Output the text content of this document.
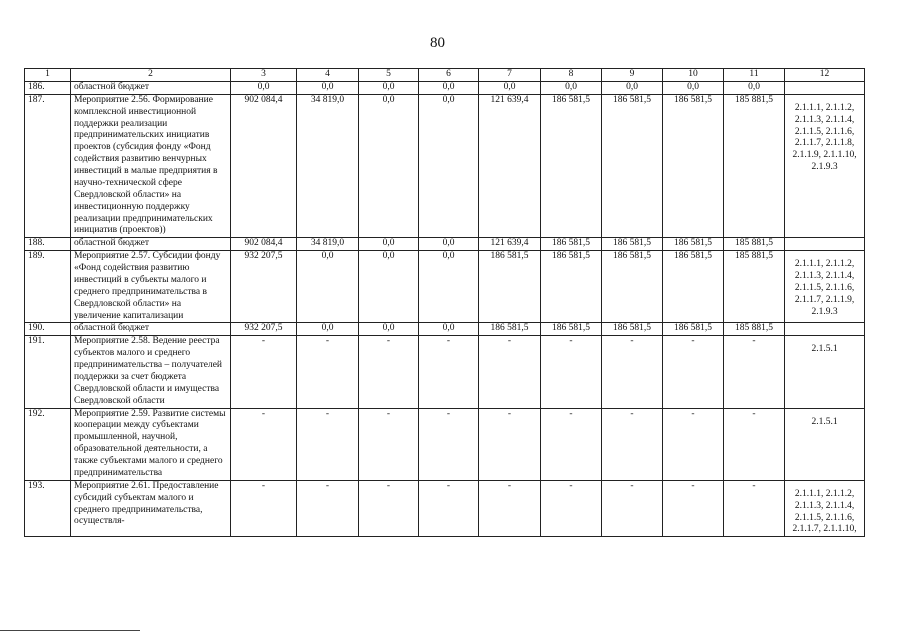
80
1	2	3	4	5	6	7	8	9	10	11	12
186.	областной бюджет	0,0	0,0	0,0	0,0	0,0	0,0	0,0	0,0	0,0	
187.	Мероприятие 2.56. Формирование комплексной инвестиционной поддержки реализации предпринимательских инициатив проектов (субсидия фонду «Фонд содействия развитию венчурных инвестиций в малые предприятия в научно-технической сфере Свердловской области» на инвестиционную поддержку реализации предпринимательских инициатив (проектов))	902 084,4	34 819,0	0,0	0,0	121 639,4	186 581,5	186 581,5	186 581,5	185 881,5	2.1.1.1, 2.1.1.2, 2.1.1.3, 2.1.1.4, 2.1.1.5, 2.1.1.6, 2.1.1.7, 2.1.1.8, 2.1.1.9, 2.1.1.10, 2.1.9.3
188.	областной бюджет	902 084,4	34 819,0	0,0	0,0	121 639,4	186 581,5	186 581,5	186 581,5	185 881,5	
189.	Мероприятие 2.57. Субсидии фонду «Фонд содействия развитию инвестиций в субъекты малого и среднего предпринимательства в Свердловской области» на увеличение капитализации	932 207,5	0,0	0,0	0,0	186 581,5	186 581,5	186 581,5	186 581,5	185 881,5	2.1.1.1, 2.1.1.2, 2.1.1.3, 2.1.1.4, 2.1.1.5, 2.1.1.6, 2.1.1.7, 2.1.1.9, 2.1.9.3
190.	областной бюджет	932 207,5	0,0	0,0	0,0	186 581,5	186 581,5	186 581,5	186 581,5	185 881,5	
191.	Мероприятие 2.58. Ведение реестра субъектов малого и среднего предпринимательства – получателей поддержки за счет бюджета Свердловской области и имущества Свердловской области	-	-	-	-	-	-	-	-	-	2.1.5.1
192.	Мероприятие 2.59. Развитие системы кооперации между субъектами промышленной, научной, образовательной деятельности, а также субъектами малого и среднего предпринимательства	-	-	-	-	-	-	-	-	-	2.1.5.1
193.	Мероприятие 2.61. Предоставление субсидий субъектам малого и среднего предпринимательства, осуществля-	-	-	-	-	-	-	-	-	-	2.1.1.1, 2.1.1.2, 2.1.1.3, 2.1.1.4, 2.1.1.5, 2.1.1.6, 2.1.1.7, 2.1.1.10,
